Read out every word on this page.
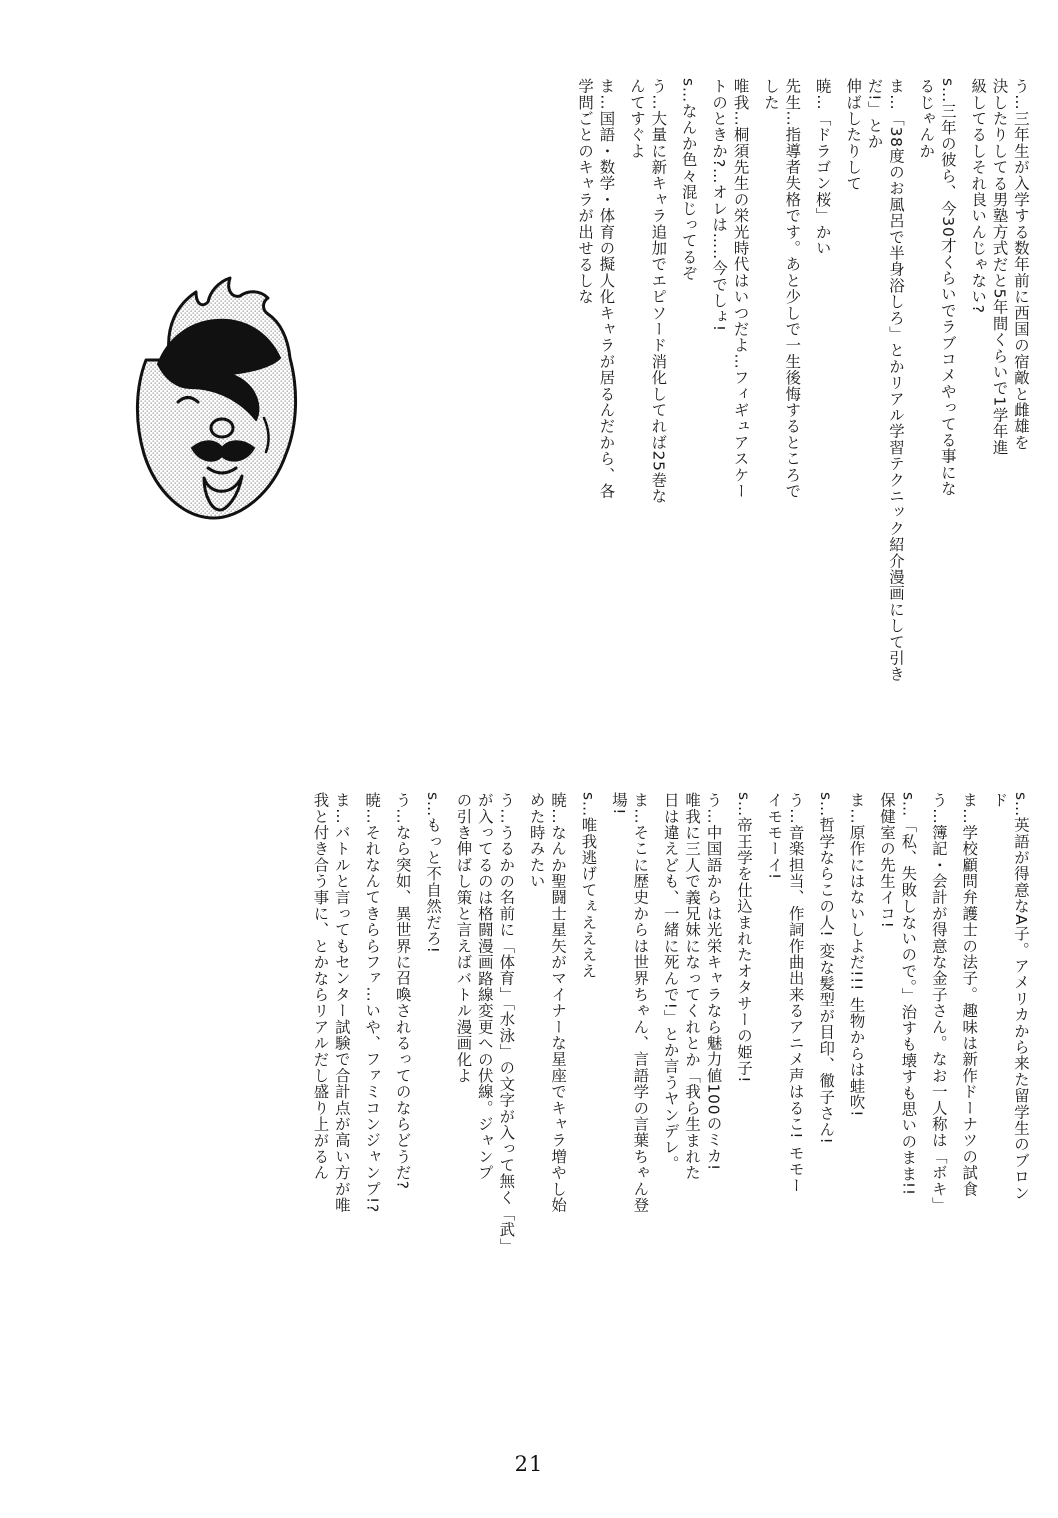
う…三年生が入学する数年前に西国の宿敵と雌雄を
決したりしてる男塾方式だと5年間くらいで1学年進
級してるしそれ良いんじゃない?
s…三年の彼ら、今30才くらいでラブコメやってる事にな
るじゃんか
ま…「38度のお風呂で半身浴しろ」とかリアル学習テクニック紹介漫画にして引き
だ!」とか
伸ばしたりして
暁…「ドラゴン桜」かい
先生…指導者失格です。あと少しで一生後悔するところで
した
唯我…桐須先生の栄光時代はいつだよ…フィギュアスケー
トのときか?…オレは…‥今でしょ!
s…なんか色々混じってるぞ
う…大量に新キャラ追加でエピソード消化してれば25巻な
んてすぐよ
ま…国語・数学・体育の擬人化キャラが居るんだから、各
学問ごとのキャラが出せるしな
s…英語が得意なA子。アメリカから来た留学生のブロン
ド
ま…学校顧問弁護士の法子。趣味は新作ドーナツの試食
う…簿記・会計が得意な金子さん。なお一人称は「ボキ」
s…「私、失敗しないので。」治すも壊すも思いのまま!!
保健室の先生イコ!
ま…原作にはないしよだ!!! 生物からは蛙吹!
s…哲学ならこの人! 変な髪型が目印、徹子さん!
う…音楽担当、作詞作曲出来るアニメ声はるこ! モモー
イモモーイ!
s…帝王学を仕込まれたオタサーの姫子!
う…中国語からは光栄キャラなら魅力値100のミカ!
唯我に三人で義兄妹になってくれとか「我ら生まれた
日は違えども、一緒に死んで!」とか言うヤンデレ。
ま…そこに歴史からは世界ちゃん、言語学の言葉ちゃん登
場!
s…唯我逃げてぇええええ
暁…なんか聖闘士星矢がマイナーな星座でキャラ増やし始
めた時みたい
う…うるかの名前に「体育」「水泳」の文字が入って無く「武」
が入ってるのは格闘漫画路線変更への伏線。ジャンプ
の引き伸ばし策と言えばバトル漫画化よ
s…もっと不自然だろ!
う…なら突如、異世界に召喚されるってのならどうだ?
暁…それなんてきららファ…いや、ファミコンジャンプ!?
ま…バトルと言ってもセンター試験で合計点が高い方が唯
我と付き合う事に、とかならリアルだし盛り上がるん
21
